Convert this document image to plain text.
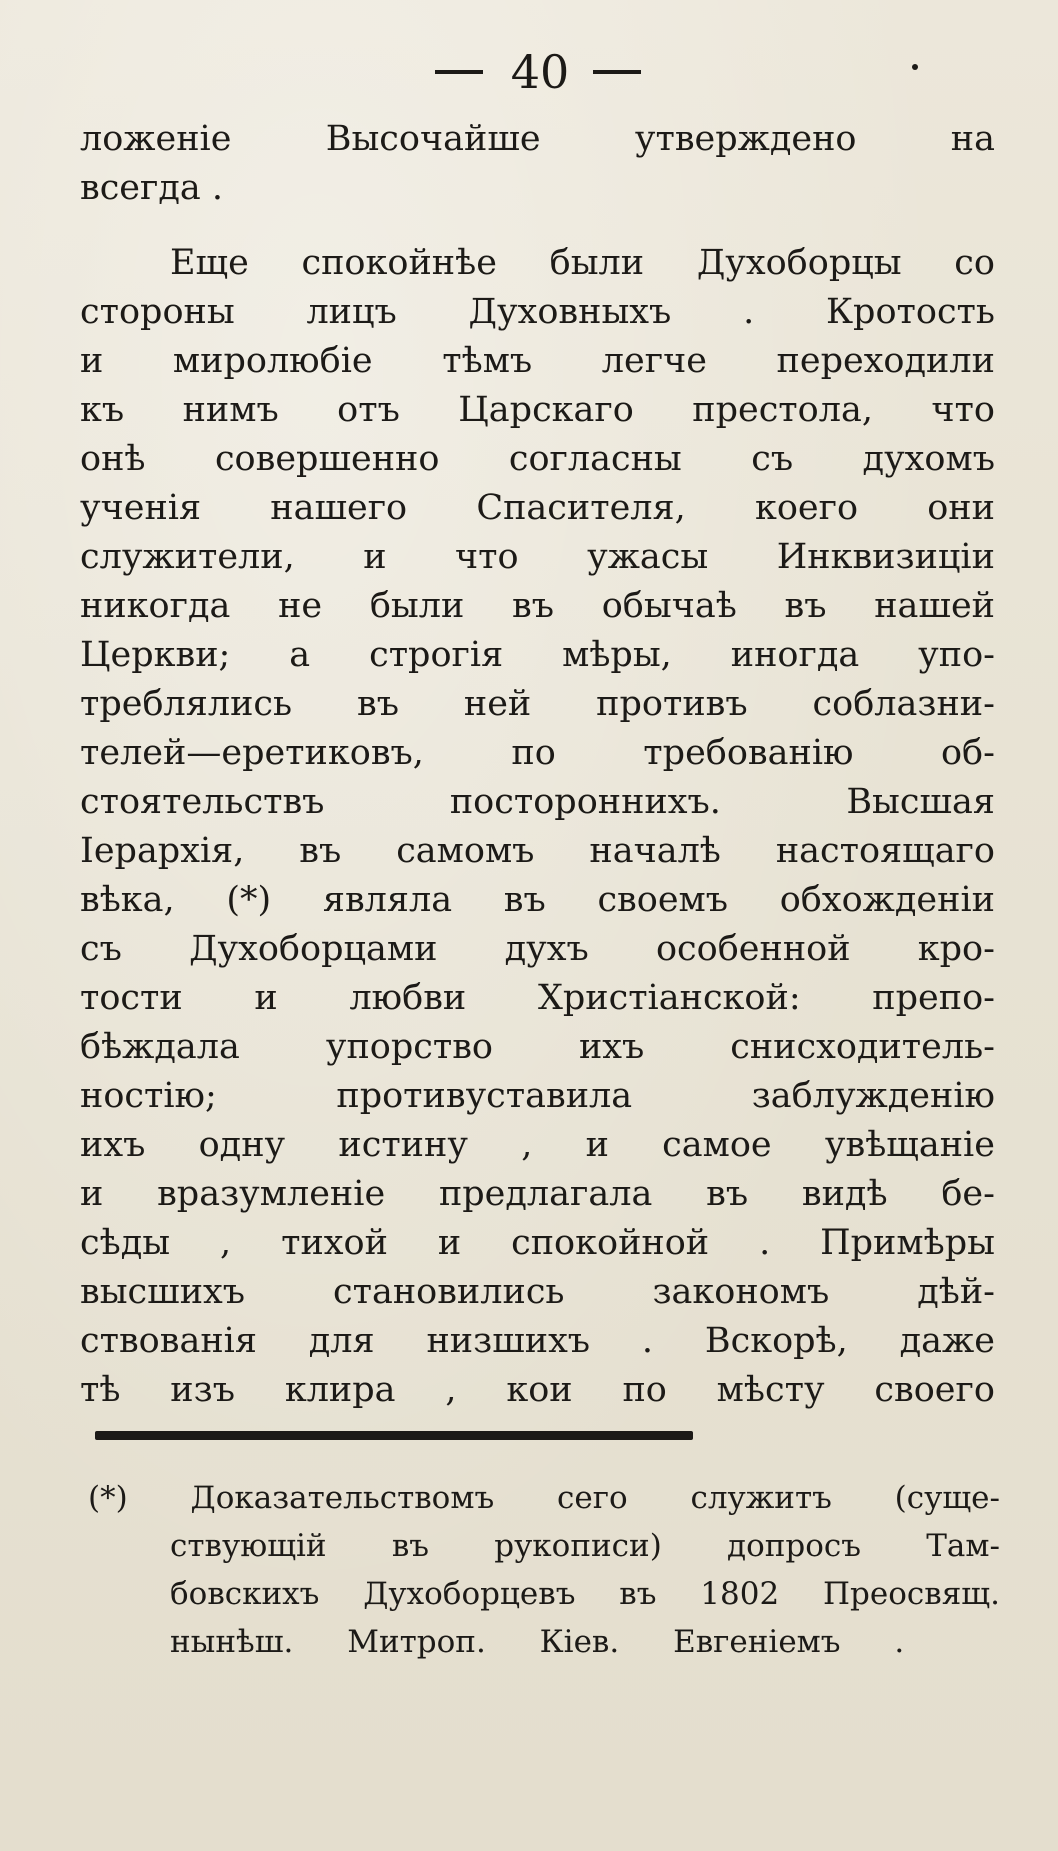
40
ложеніе	Высочайше	утверждено	на
всегда
.
Еще спокойнѣе были Духоборцы со
стороны лицъ Духовныхъ . Кротость
и миролюбіе тѣмъ легче переходили
къ нимъ отъ Царскаго престола, что
онѣ совершенно согласны съ духомъ
ученія нашего Спасителя, коего они
служители, и что ужасы Инквизиціи
никогда не были въ обычаѣ въ нашей
Церкви; а строгія мѣры, иногда упо-
треблялись въ ней противъ соблазни-
телей—еретиковъ, по требованію об-
стоятельствъ	постороннихъ.	Высшая
Іерархія, въ самомъ началѣ настоящаго
вѣка, (*) являла въ своемъ обхожденіи
съ Духоборцами духъ особенной кро-
тости и любви Христіанской: препо-
бѣждала упорство ихъ снисходитель-
ностію;	противуставила	заблужденію
ихъ одну истину , и самое увѣщаніе
и вразумленіе предлагала въ видѣ бе-
сѣды , тихой и спокойной . Примѣры
высшихъ	становились	закономъ	дѣй-
ствованія для низшихъ . Вскорѣ, даже
тѣ изъ клира , кои по мѣсту своего
(*) Доказательствомъ сего служитъ (суще-
ствующій въ рукописи) допросъ Там-
бовскихъ Духоборцевъ въ 1802 Преосвящ.
нынѣш.
Митроп.
Кіев.
Евгеніемъ
.
